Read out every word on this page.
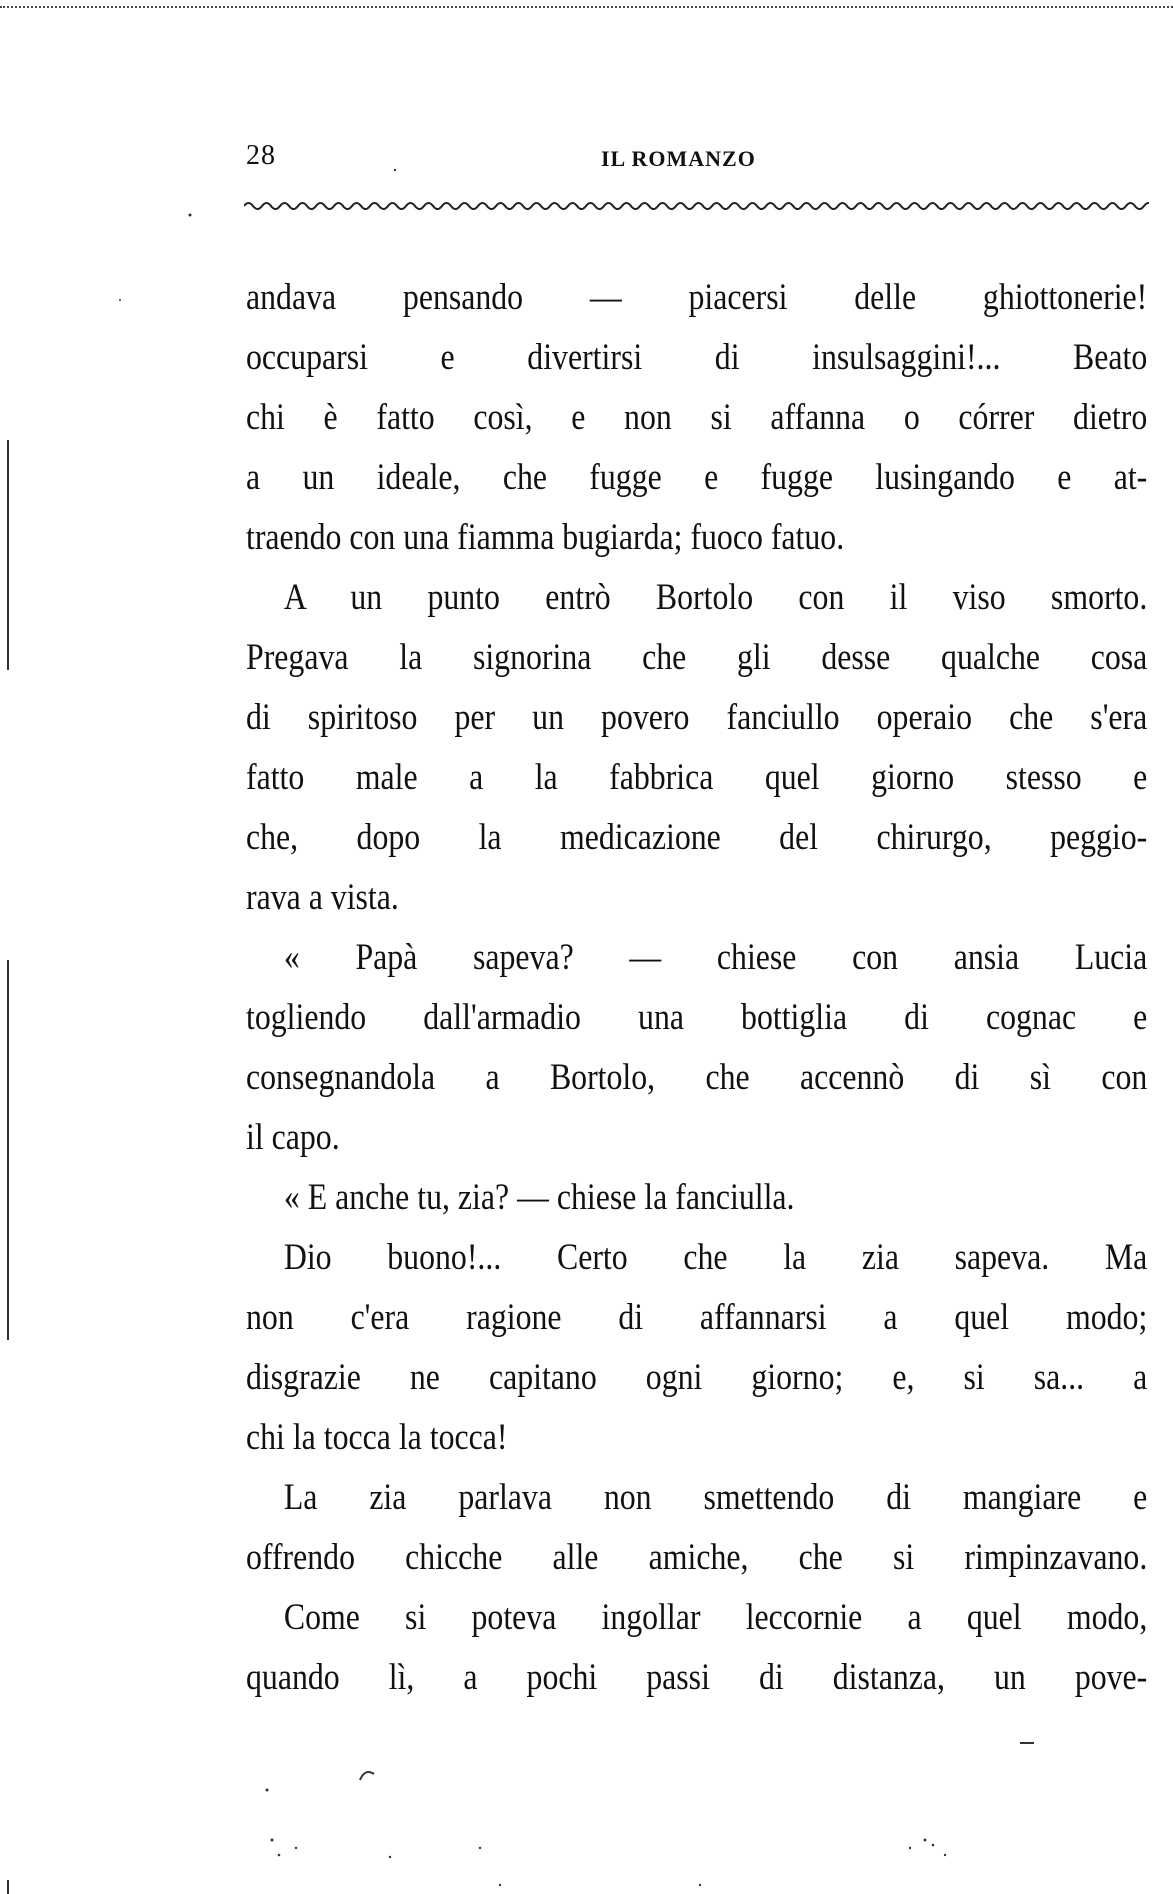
28	IL ROMANZO
andava pensando — piacersi delle ghiottonerie!
occuparsi e divertirsi di insulsaggini!... Beato
chi è fatto così, e non si affanna o córrer dietro
a un ideale, che fugge e fugge lusingando e at-
traendo con una fiamma bugiarda; fuoco fatuo.
A un punto entrò Bortolo con il viso smorto.
Pregava la signorina che gli desse qualche cosa
di spiritoso per un povero fanciullo operaio che s'era
fatto male a la fabbrica quel giorno stesso e
che, dopo la medicazione del chirurgo, peggio-
rava a vista.
« Papà sapeva? — chiese con ansia Lucia
togliendo dall'armadio una bottiglia di cognac e
consegnandola a Bortolo, che accennò di sì con
il capo.
« E anche tu, zia? — chiese la fanciulla.
Dio buono!... Certo che la zia sapeva. Ma
non c'era ragione di affannarsi a quel modo;
disgrazie ne capitano ogni giorno; e, si sa... a
chi la tocca la tocca!
La zia parlava non smettendo di mangiare e
offrendo chicche alle amiche, che si rimpinzavano.
Come si poteva ingollar leccornie a quel modo,
quando lì, a pochi passi di distanza, un pove-
